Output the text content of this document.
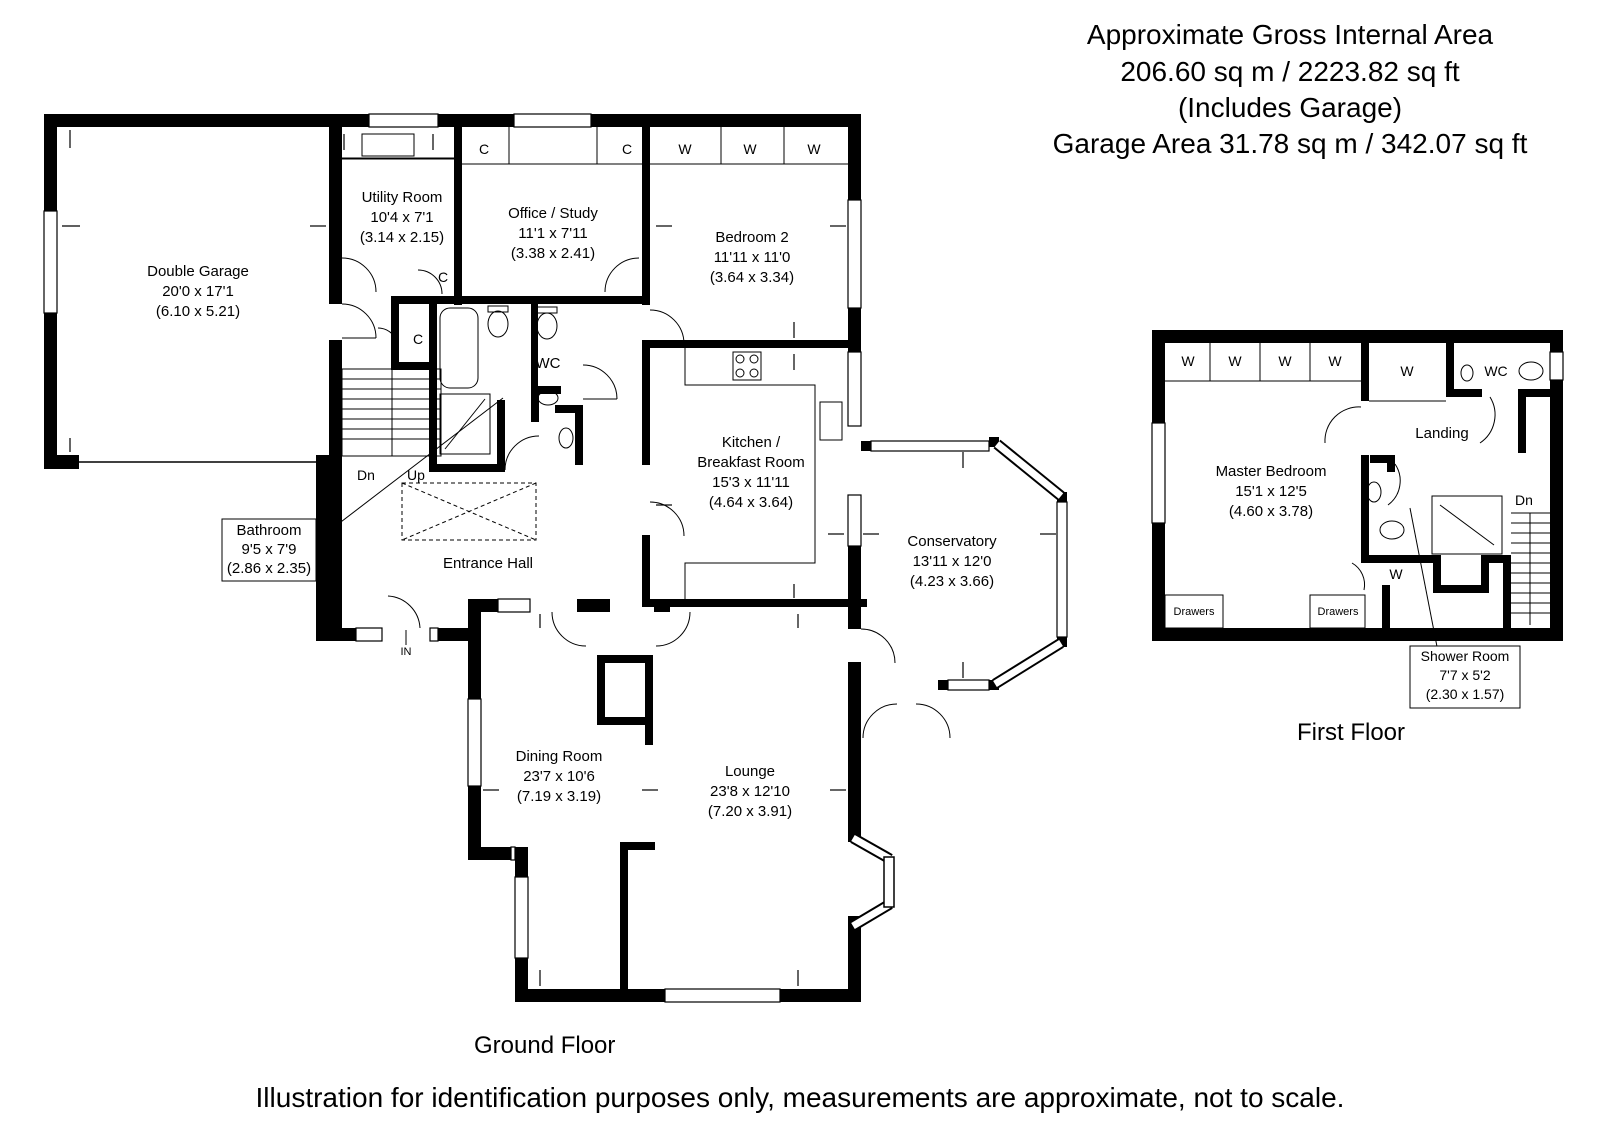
Approximate Gross Internal Area
206.60 sq m / 2223.82 sq ft
(Includes Garage)
Garage Area 31.78 sq m / 342.07 sq ft
Double Garage
20'0 x 17'1
(6.10 x 5.21)
Utility Room
10'4 x 7'1
(3.14 x 2.15)
Office / Study
11'1 x 7'11
(3.38 x 2.41)
Bedroom 2
11'11 x 11'0
(3.64 x 3.34)
Kitchen /
Breakfast Room
15'3 x 11'11
(4.64 x 3.64)
Conservatory
13'11 x 12'0
(4.23 x 3.66)
Bathroom
9'5 x 7'9
(2.86 x 2.35)	Entrance Hall
Dining Room
23'7 x 10'6
(7.19 x 3.19)
Lounge
23'8 x 12'10
(7.20 x 3.91)
WC
C	C
C
C
W	W	W
Dn Up
IN
Master Bedroom
15'1 x 12'5
(4.60 x 3.78)
Landing
Shower Room
7'7 x 5'2
(2.30 x 1.57)
W W	W	W
W
W
WC
Dn
Drawers	Drawers
Ground Floor
First Floor
Illustration for identification purposes only, measurements are approximate, not to scale.
